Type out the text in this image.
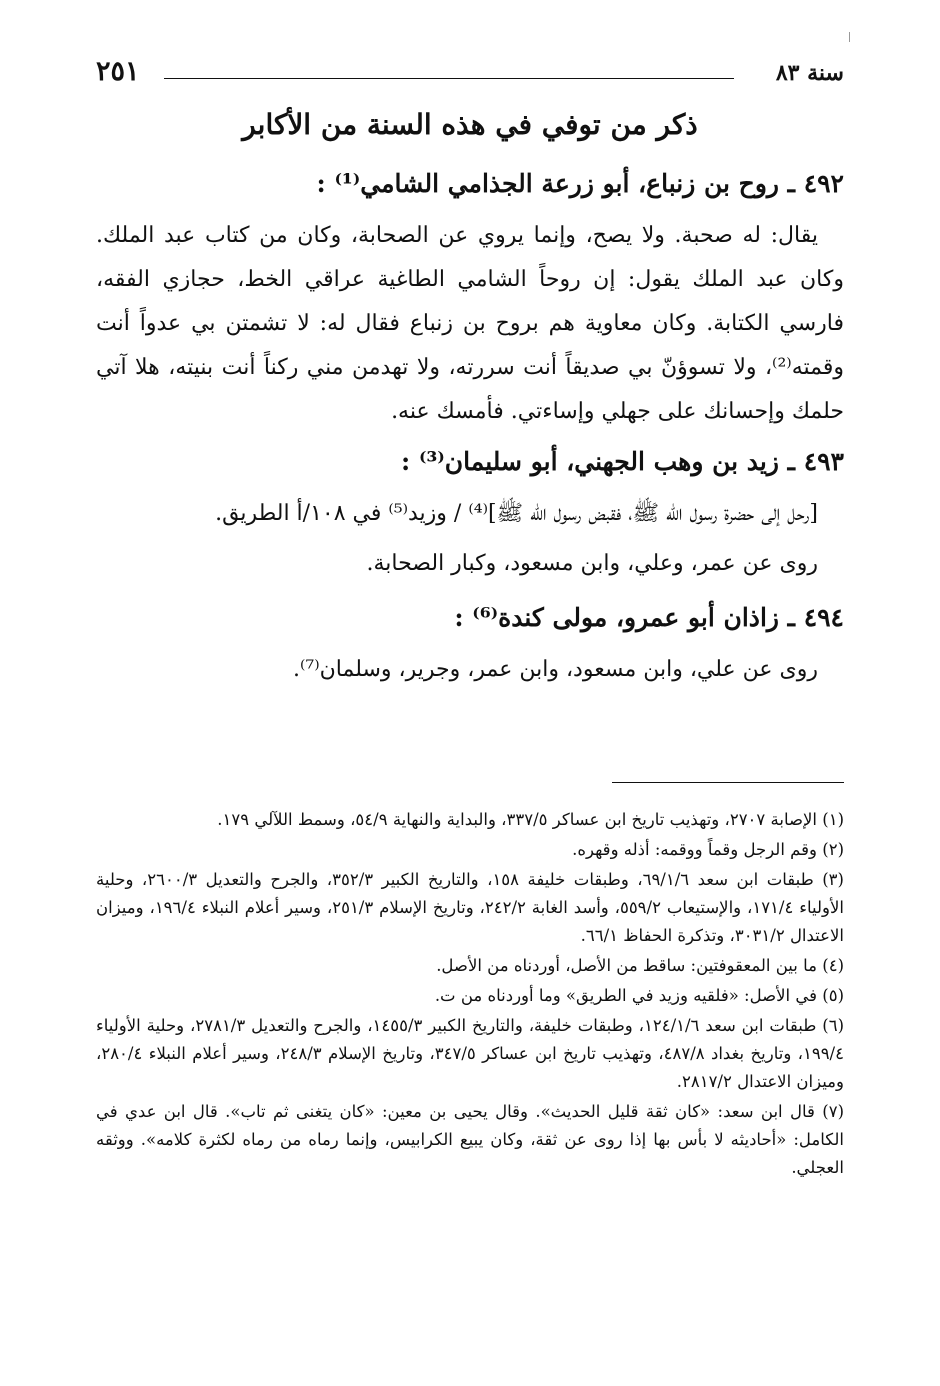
سنة ٨٣
٢٥١
ذكر من توفي في هذه السنة من الأكابر
٤٩٢ ـ روح بن زنباع، أبو زرعة الجذامي الشامي⁽¹⁾ :

يقال: له صحبة. ولا يصح، وإنما يروي عن الصحابة، وكان من كتاب عبد الملك. وكان عبد الملك يقول: إن روحاً الشامي الطاغية عراقي الخط، حجازي الفقه، فارسي الكتابة. وكان معاوية هم بروح بن زنباع فقال له: لا تشمتن بي عدواً أنت وقمته⁽²⁾، ولا تسوؤنّ بي صديقاً أنت سررته، ولا تهدمن مني ركناً أنت بنيته، هلا آتي حلمك وإحسانك على جهلي وإساءتي. فأمسك عنه.

٤٩٣ ـ زيد بن وهب الجهني، أبو سليمان⁽³⁾ :

[رحل إلى حضرة رسول الله ﷺ، فقبض رسول الله ﷺ]⁽⁴⁾ / وزيد⁽⁵⁾ في ١٠٨/أ الطريق.

روى عن عمر، وعلي، وابن مسعود، وكبار الصحابة.

٤٩٤ ـ زاذان أبو عمرو، مولى كندة⁽⁶⁾ :

روى عن علي، وابن مسعود، وابن عمر، وجرير، وسلمان⁽⁷⁾.

(١) الإصابة ٢٧٠٧، وتهذيب تاريخ ابن عساكر ٣٣٧/٥، والبداية والنهاية ٥٤/٩، وسمط اللآلي ١٧٩.

(٢) وقم الرجل وقماً ووقمه: أذله وقهره.

(٣) طبقات ابن سعد ٦٩/١/٦، وطبقات خليفة ١٥٨، والتاريخ الكبير ٣٥٢/٣، والجرح والتعديل ٢٦٠٠/٣، وحلية الأولياء ١٧١/٤، والإستيعاب ٥٥٩/٢، وأسد الغابة ٢٤٢/٢، وتاريخ الإسلام ٢٥١/٣، وسير أعلام النبلاء ١٩٦/٤، وميزان الاعتدال ٣٠٣١/٢، وتذكرة الحفاظ ٦٦/١.

(٤) ما بين المعقوفتين: ساقط من الأصل، أوردناه من الأصل.

(٥) في الأصل: «فلقيه وزيد في الطريق» وما أوردناه من ت.

(٦) طبقات ابن سعد ١٢٤/١/٦، وطبقات خليفة، والتاريخ الكبير ١٤٥٥/٣، والجرح والتعديل ٢٧٨١/٣، وحلية الأولياء ١٩٩/٤، وتاريخ بغداد ٤٨٧/٨، وتهذيب تاريخ ابن عساكر ٣٤٧/٥، وتاريخ الإسلام ٢٤٨/٣، وسير أعلام النبلاء ٢٨٠/٤، وميزان الاعتدال ٢٨١٧/٢.

(٧) قال ابن سعد: «كان ثقة قليل الحديث». وقال يحيى بن معين: «كان يتغنى ثم تاب». قال ابن عدي في الكامل: «أحاديثه لا بأس بها إذا روى عن ثقة، وكان يبيع الكرابيس، وإنما رماه من رماه لكثرة كلامه». ووثقه العجلي.
